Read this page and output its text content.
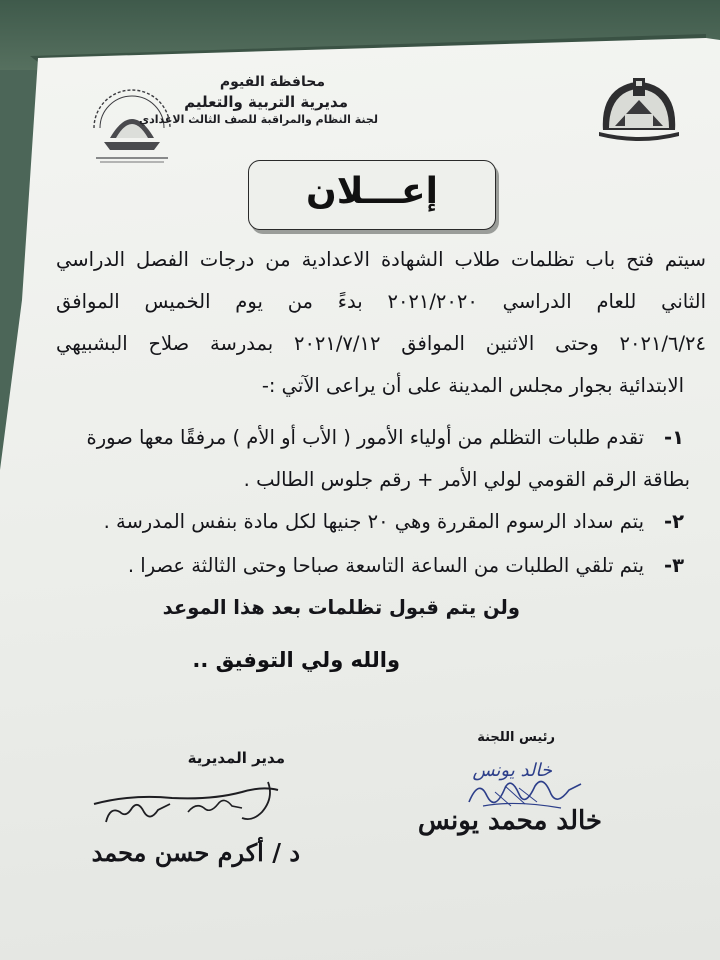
محافظة الفيوم
مديرية التربية والتعليم
لجنة النظام والمراقبة للصف الثالث الاعدادي
إعـــلان
سيتم فتح باب تظلمات طلاب الشهادة الاعدادية من درجات الفصل الدراسي
الثاني للعام الدراسي ٢٠٢١/٢٠٢٠ بدءً من يوم الخميس الموافق
٢٠٢١/٦/٢٤ وحتى الاثنين الموافق ٢٠٢١/٧/١٢ بمدرسة صلاح البشبيهي
الابتدائية بجوار مجلس المدينة على أن يراعى الآتي :-
١-
تقدم طلبات التظلم من أولياء الأمور ( الأب أو الأم ) مرفقًا معها صورة
بطاقة الرقم القومي لولي الأمر + رقم جلوس الطالب .
٢-
يتم سداد الرسوم المقررة وهي ٢٠ جنيها لكل مادة بنفس المدرسة .
٣-
يتم تلقي الطلبات من الساعة التاسعة صباحا وحتى الثالثة عصرا .
ولن يتم قبول تظلمات بعد هذا الموعد
والله ولي التوفيق ..
رئيس اللجنة
مدير المديرية
خالد يونس
خالد محمد يونس
د / أكرم حسن محمد
